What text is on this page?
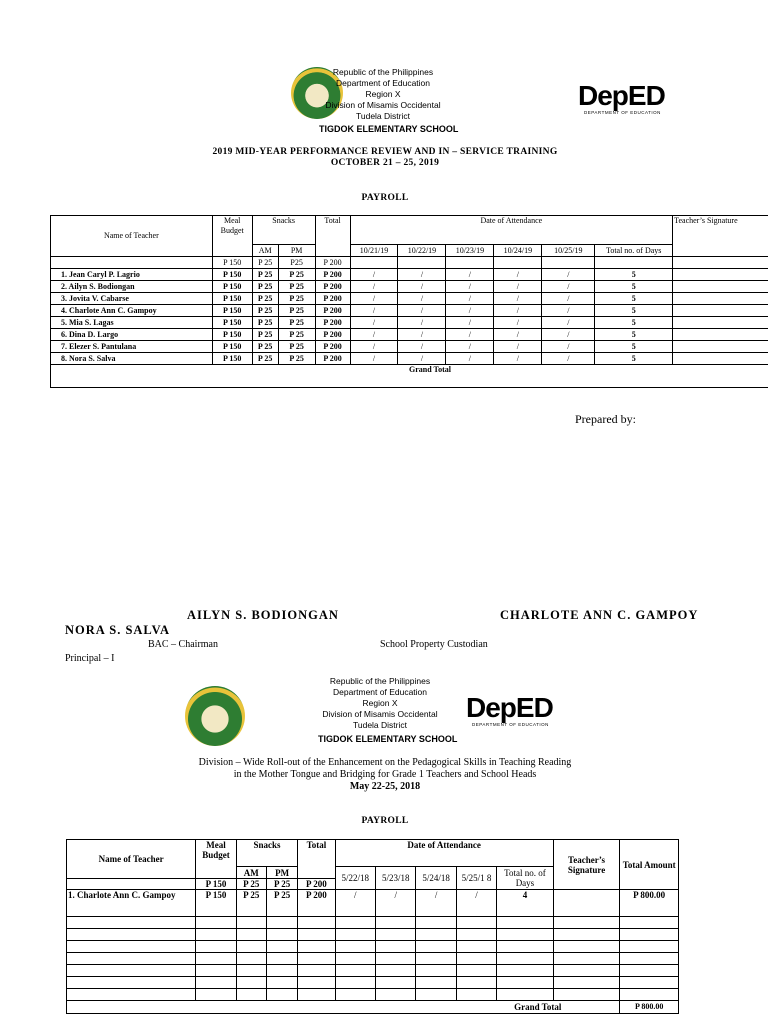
Republic of the Philippines
Department of Education
Region X
Division of Misamis Occidental
Tudela District
TIGDOK ELEMENTARY SCHOOL
DepED
DEPARTMENT OF EDUCATION
2019 MID-YEAR PERFORMANCE REVIEW AND IN – SERVICE TRAINING
OCTOBER 21 – 25, 2019
PAYROLL
Name of Teacher	Meal Budget	Snacks		Total	Date of Attendance						Teacher’s Signature
		AM	PM		10/21/19	10/22/19	10/23/19	10/24/19	10/25/19	Total no. of Days	
	P 150	P 25	P25	P 200							
1. Jean Caryl P. Lagrio	P 150	P 25	P 25	P 200	/	/	/	/	/	5	
2. Ailyn S. Bodiongan	P 150	P 25	P 25	P 200	/	/	/	/	/	5	
3. Jovita V. Cabarse	P 150	P 25	P 25	P 200	/	/	/	/	/	5	
4. Charlote Ann C. Gampoy	P 150	P 25	P 25	P 200	/	/	/	/	/	5	
5. Mia S. Lagas	P 150	P 25	P 25	P 200	/	/	/	/	/	5	
6. Dina D. Largo	P 150	P 25	P 25	P 200	/	/	/	/	/	5	
7. Elezer S. Pantulana	P 150	P 25	P 25	P 200	/	/	/	/	/	5	
8. Nora S. Salva	P 150	P 25	P 25	P 200	/	/	/	/	/	5	
Grand Total											
Prepared by:
AILYN S. BODIONGAN	CHARLOTE ANN C. GAMPOY
NORA S. SALVA
BAC – Chairman	School Property Custodian
Principal – I
Republic of the Philippines
Department of Education
Region X
Division of Misamis Occidental
Tudela District
TIGDOK ELEMENTARY SCHOOL
DepED
DEPARTMENT OF EDUCATION
Division – Wide Roll-out of the Enhancement on the Pedagogical Skills in Teaching Reading
in the Mother Tongue and Bridging for Grade 1 Teachers and School Heads
May 22-25, 2018
PAYROLL
Name of Teacher	Meal Budget	Snacks		Total	Date of Attendance					Teacher’s Signature	Total Amount
		AM	PM		5/22/18	5/23/18	5/24/18	5/25/1 8	Total no. of Days		
	P 150	P 25	P 25	P 200							
1. Charlote Ann C. Gampoy	P 150	P 25	P 25	P 200	/	/	/	/	4		P 800.00

Grand Total											P 800.00
